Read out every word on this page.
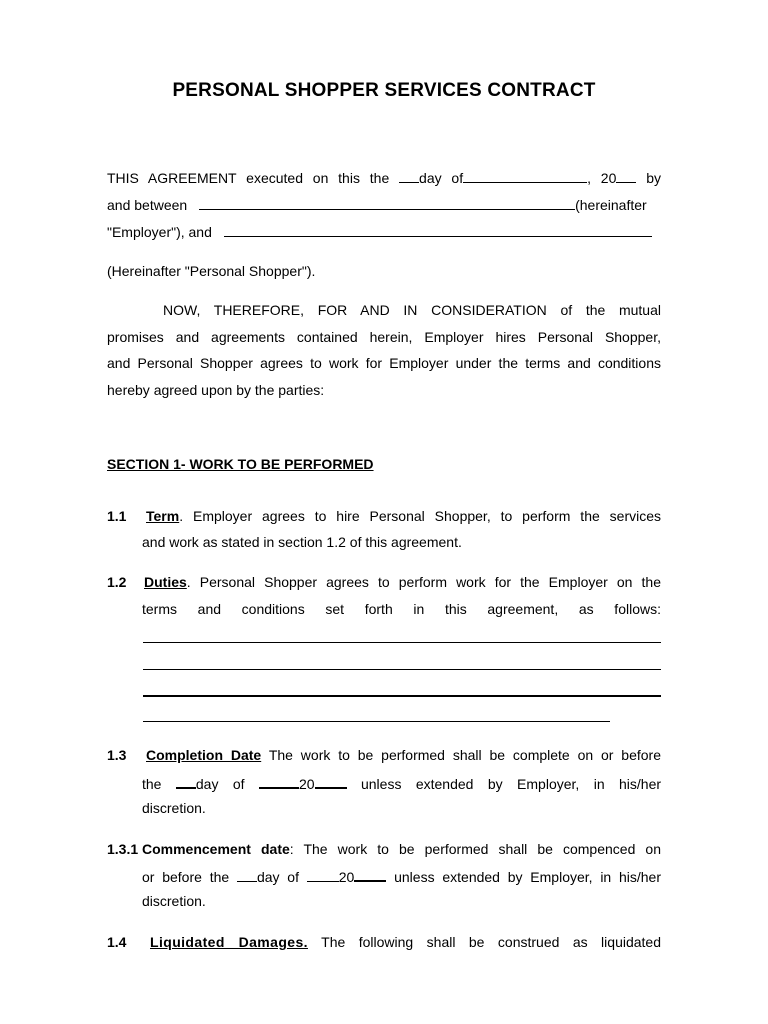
PERSONAL SHOPPER SERVICES CONTRACT
THIS AGREEMENT executed on this the day of	, 20 by
and between	(hereinafter
"Employer"), and
(Hereinafter "Personal Shopper").
NOW, THEREFORE, FOR AND IN CONSIDERATION of the mutual
promises and agreements contained herein, Employer hires Personal Shopper,
and Personal Shopper agrees to work for Employer under the terms and conditions
hereby agreed upon by the parties:
SECTION 1- WORK TO BE PERFORMED
1.1 Term. Employer agrees to hire Personal Shopper, to perform the services
and work as stated in section 1.2 of this agreement.
1.2 Duties. Personal Shopper agrees to perform work for the Employer on the
terms and conditions set forth in this agreement, as follows:
1.3 Completion Date The work to be performed shall be complete on or before
the day of	20	unless extended by Employer, in his/her
discretion.
1.3.1 Commencement date: The work to be performed shall be compenced on
or before the day of	20	unless extended by Employer, in his/her
discretion.
1.4 Liquidated Damages. The following shall be construed as liquidated
